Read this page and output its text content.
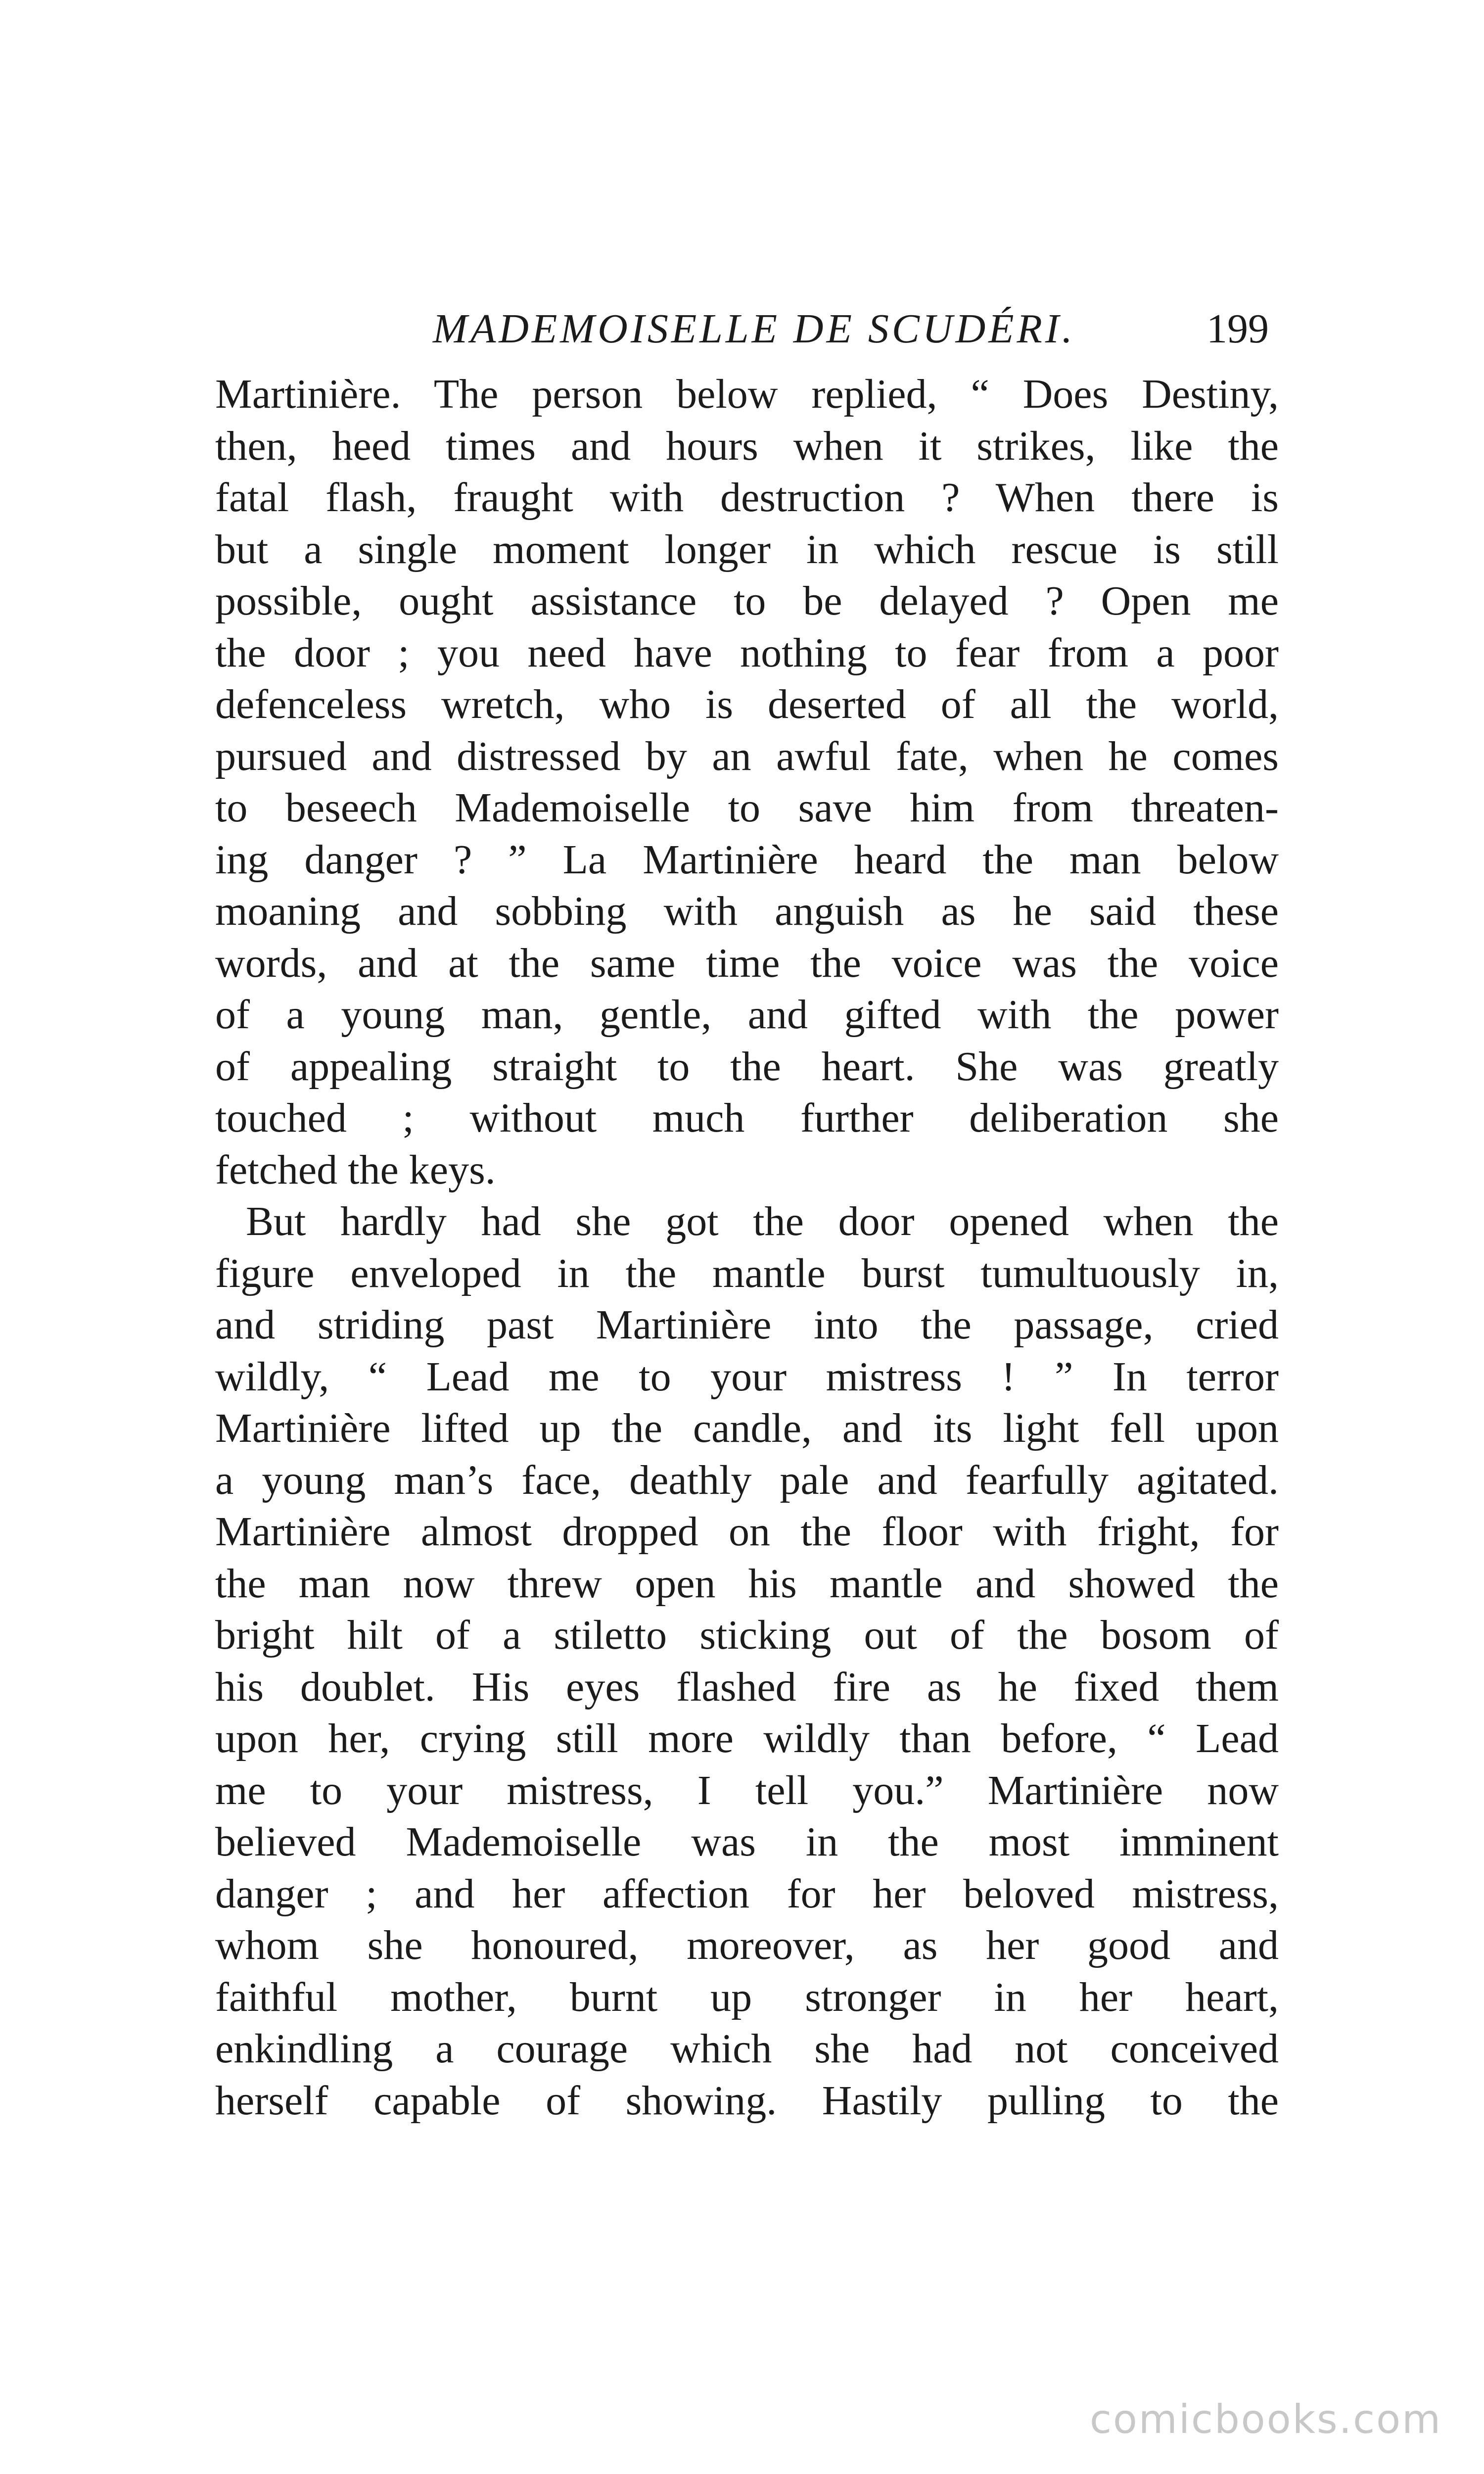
MADEMOISELLE DE SCUDÉRI.	199
Martinière. The person below replied, “ Does Destiny,
then, heed times and hours when it strikes, like the
fatal flash, fraught with destruction ? When there is
but a single moment longer in which rescue is still
possible, ought assistance to be delayed ? Open me
the door ; you need have nothing to fear from a poor
defenceless wretch, who is deserted of all the world,
pursued and distressed by an awful fate, when he comes
to beseech Mademoiselle to save him from threaten-
ing danger ? ” La Martinière heard the man below
moaning and sobbing with anguish as he said these
words, and at the same time the voice was the voice
of a young man, gentle, and gifted with the power
of appealing straight to the heart. She was greatly
touched ; without much further deliberation she
fetched the keys.
But hardly had she got the door opened when the
figure enveloped in the mantle burst tumultuously in,
and striding past Martinière into the passage, cried
wildly, “ Lead me to your mistress ! ” In terror
Martinière lifted up the candle, and its light fell upon
a young man’s face, deathly pale and fearfully agitated.
Martinière almost dropped on the floor with fright, for
the man now threw open his mantle and showed the
bright hilt of a stiletto sticking out of the bosom of
his doublet. His eyes flashed fire as he fixed them
upon her, crying still more wildly than before, “ Lead
me to your mistress, I tell you.” Martinière now
believed Mademoiselle was in the most imminent
danger ; and her affection for her beloved mistress,
whom she honoured, moreover, as her good and
faithful mother, burnt up stronger in her heart,
enkindling a courage which she had not conceived
herself capable of showing. Hastily pulling to the
comicbooks.com
